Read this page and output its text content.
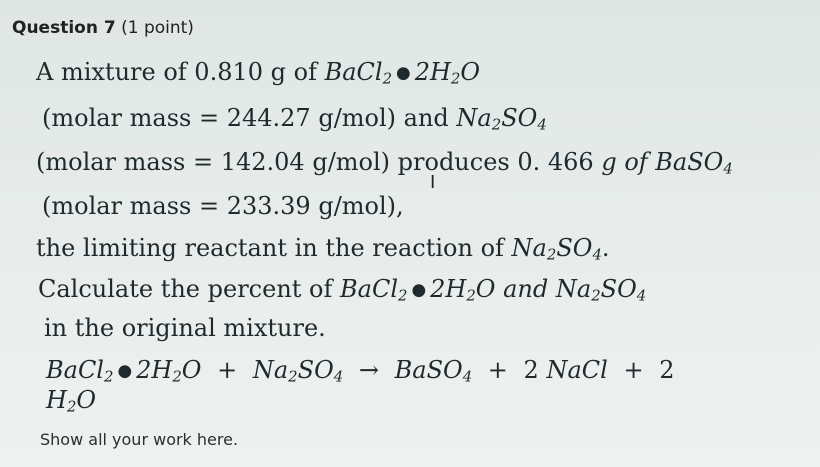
Question 7 (1 point)
A mixture of 0.810 g of BaCl$_2$ ● $2H_2O$
(molar mass = 244.27 g/mol) and $Na_2SO_4$
(molar mass = 142.04 g/mol) produces 0. 466 g of BaSO$_4$
I
(molar mass = 233.39 g/mol),
the limiting reactant in the reaction of $Na_2SO_4$.
Calculate the percent of BaCl$_2$ ● $2H_2O$ and $Na_2SO_4$
in the original mixture.
BaCl$_2$ ● $2H_2O + Na_2SO_4$ → BaSO$_4$ + 2 NaCl + 2
$H_2O$
Show all your work here.
